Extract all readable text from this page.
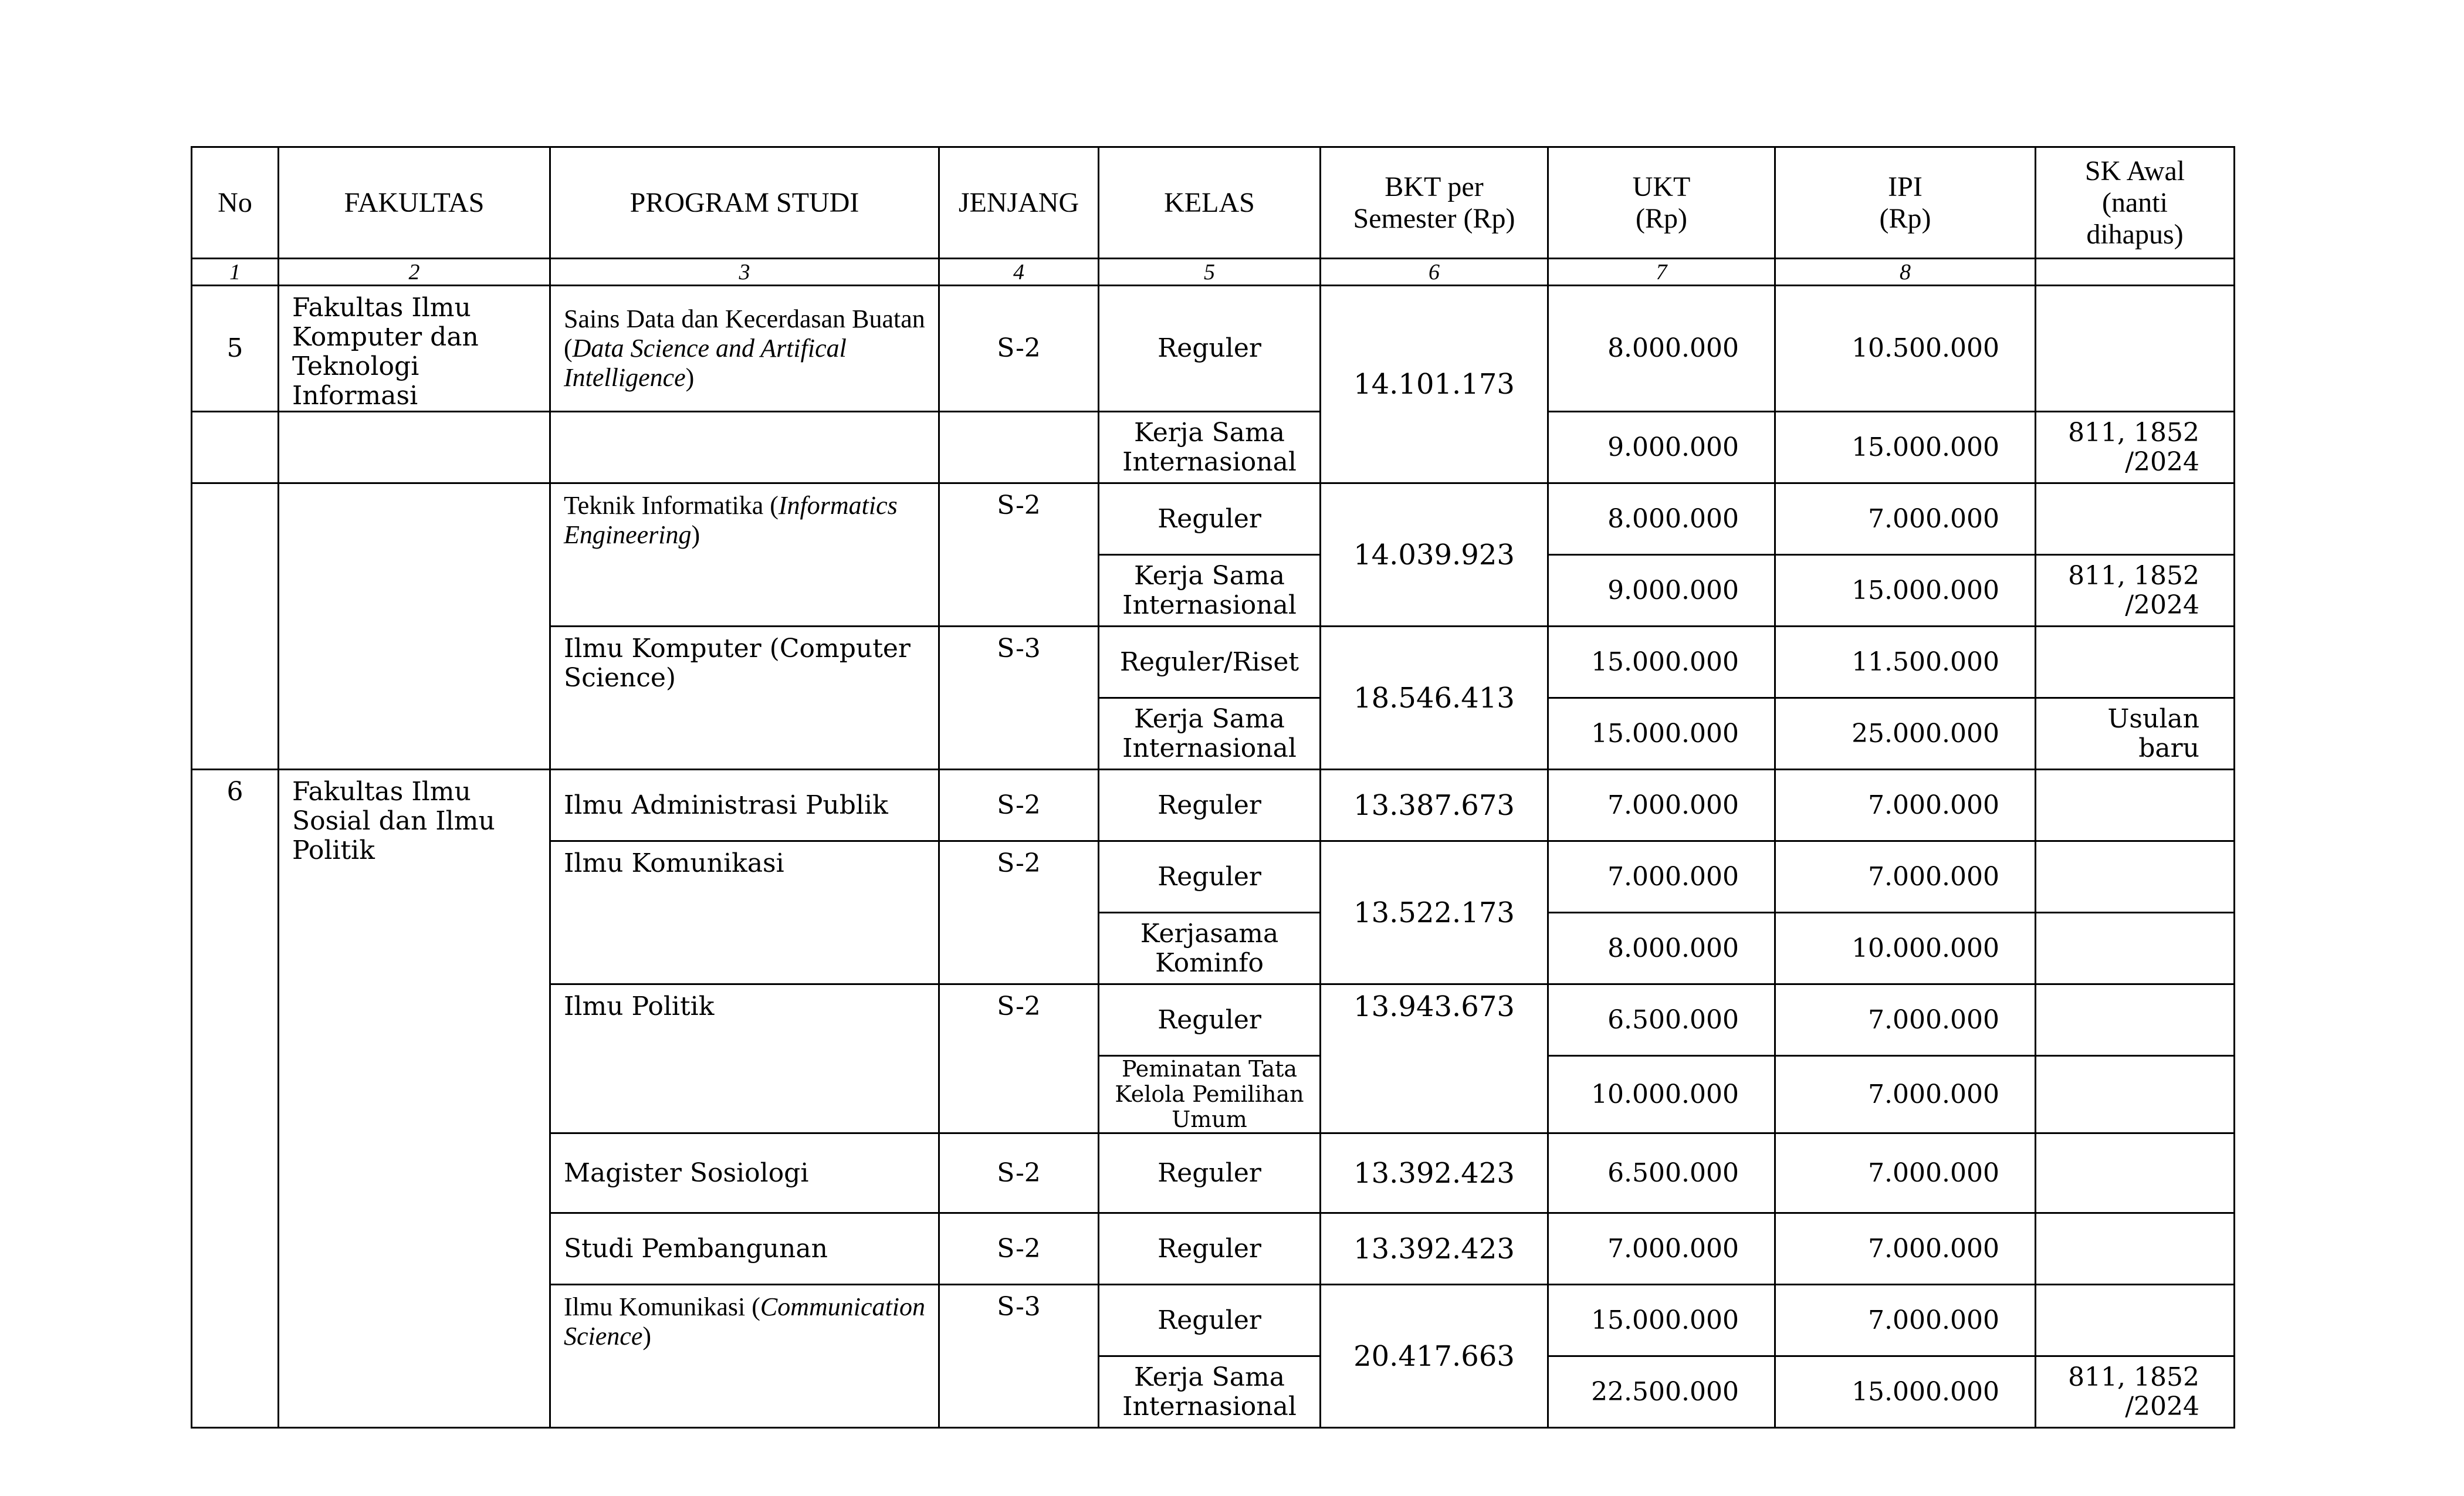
No	FAKULTAS	PROGRAM STUDI	JENJANG	KELAS	BKT per Semester (Rp)	UKT (Rp)	IPI (Rp)	SK Awal (nanti dihapus)
1	2	3	4	5	6	7	8	
5	Fakultas Ilmu Komputer dan Teknologi Informasi	Sains Data dan Kecerdasan Buatan (Data Science and Artifical Intelligence)	S-2	Reguler	14.101.173	8.000.000	10.500.000	
				Kerja Sama Internasional		9.000.000	15.000.000	811, 1852 /2024
		Teknik Informatika (Informatics Engineering)	S-2	Reguler	14.039.923	8.000.000	7.000.000	
				Kerja Sama Internasional		9.000.000	15.000.000	811, 1852 /2024
		Ilmu Komputer (Computer Science)	S-3	Reguler/Riset	18.546.413	15.000.000	11.500.000	
				Kerja Sama Internasional		15.000.000	25.000.000	Usulan baru
6	Fakultas Ilmu Sosial dan Ilmu Politik	Ilmu Administrasi Publik	S-2	Reguler	13.387.673	7.000.000	7.000.000	
		Ilmu Komunikasi	S-2	Reguler	13.522.173	7.000.000	7.000.000	
				Kerjasama Kominfo		8.000.000	10.000.000	
		Ilmu Politik	S-2	Reguler	13.943.673	6.500.000	7.000.000	
				Peminatan Tata Kelola Pemilihan Umum		10.000.000	7.000.000	
		Magister Sosiologi	S-2	Reguler	13.392.423	6.500.000	7.000.000	
		Studi Pembangunan	S-2	Reguler	13.392.423	7.000.000	7.000.000	
		Ilmu Komunikasi (Communication Science)	S-3	Reguler	20.417.663	15.000.000	7.000.000	
				Kerja Sama Internasional		22.500.000	15.000.000	811, 1852 /2024
